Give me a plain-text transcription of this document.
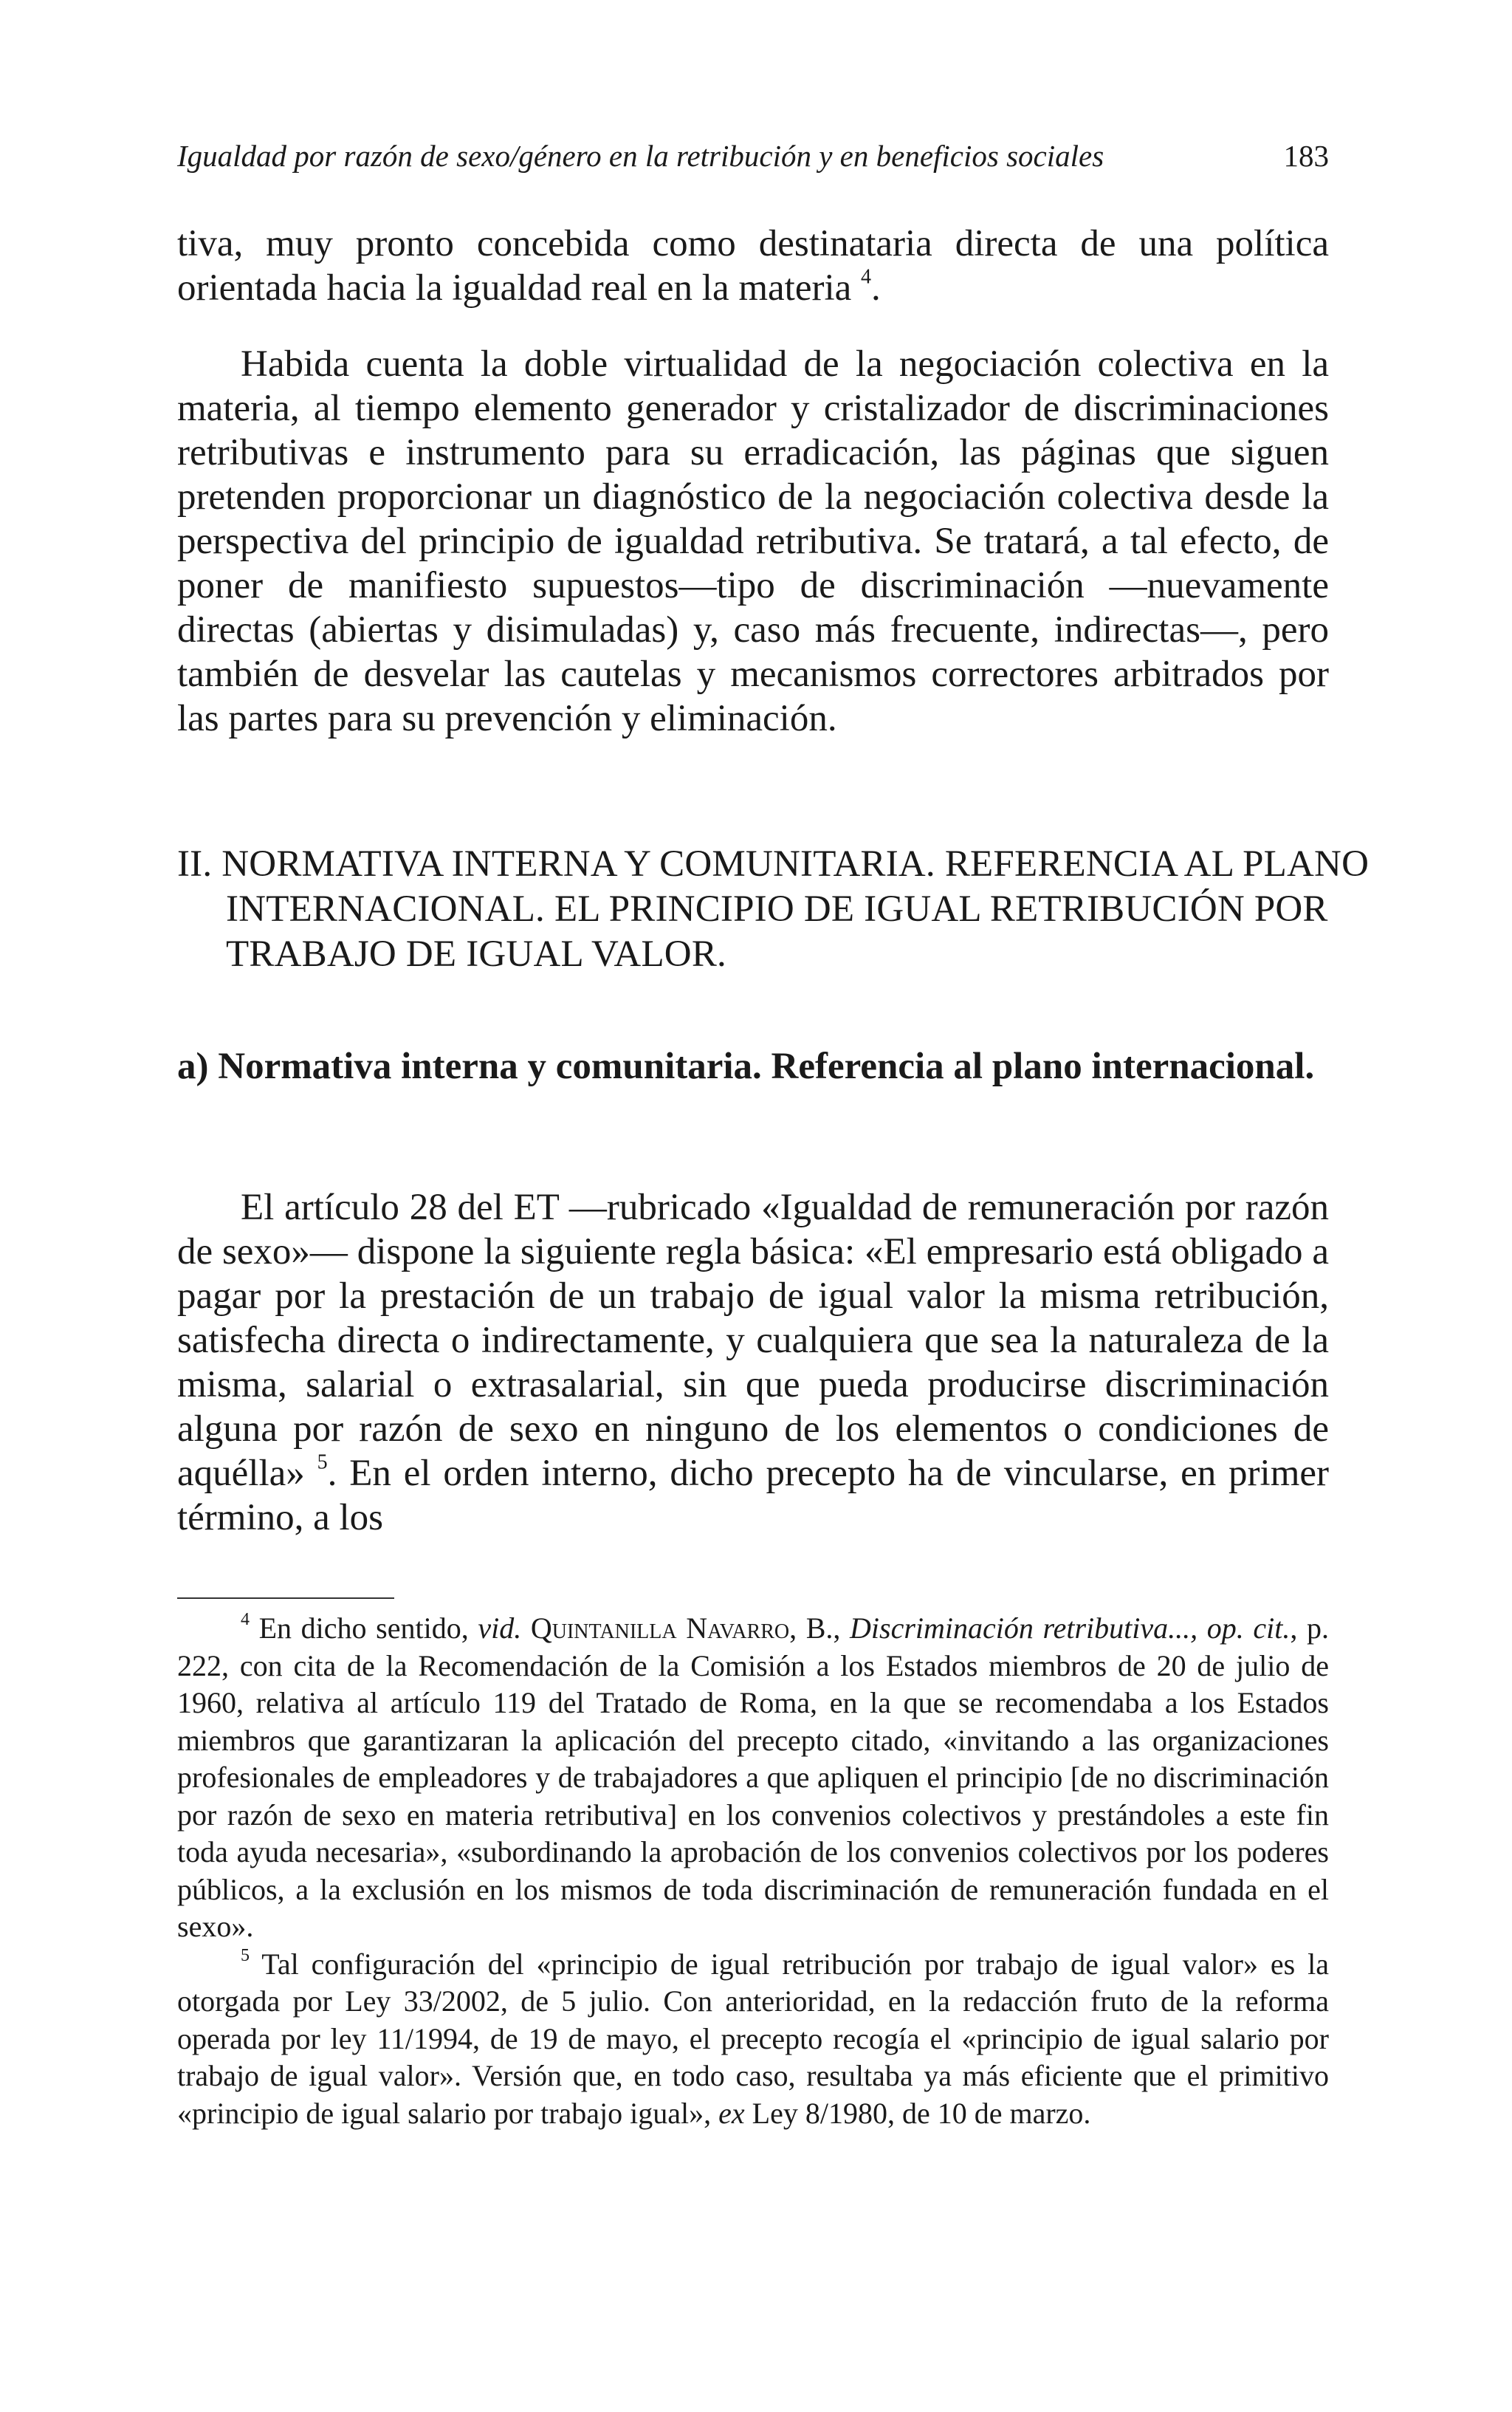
Igualdad por razón de sexo/género en la retribución y en beneficios sociales	183

tiva, muy pronto concebida como destinataria directa de una política orientada hacia la igualdad real en la materia $^4$.

Habida cuenta la doble virtualidad de la negociación colectiva en la materia, al tiempo elemento generador y cristalizador de discriminaciones retributivas e instrumento para su erradicación, las páginas que siguen pretenden proporcionar un diagnóstico de la negociación colectiva desde la perspectiva del principio de igualdad retributiva. Se tratará, a tal efecto, de poner de manifiesto supuestos—tipo de discriminación —nuevamente directas (abiertas y disimuladas) y, caso más frecuente, indirectas—, pero también de desvelar las cautelas y mecanismos correctores arbitrados por las partes para su prevención y eliminación.

II. NORMATIVA INTERNA Y COMUNITARIA. REFERENCIA AL PLANO INTERNACIONAL. EL PRINCIPIO DE IGUAL RETRIBUCIÓN POR TRABAJO DE IGUAL VALOR.
a) Normativa interna y comunitaria. Referencia al plano internacional.

El artículo 28 del ET —rubricado «Igualdad de remuneración por razón de sexo»— dispone la siguiente regla básica: «El empresario está obligado a pagar por la prestación de un trabajo de igual valor la misma retribución, satisfecha directa o indirectamente, y cualquiera que sea la naturaleza de la misma, salarial o extrasalarial, sin que pueda producirse discriminación alguna por razón de sexo en ninguno de los elementos o condiciones de aquélla» $^5$. En el orden interno, dicho precepto ha de vincularse, en primer término, a los

$^4$ En dicho sentido, vid. Quintanilla Navarro, B., Discriminación retributiva..., op. cit., p. 222, con cita de la Recomendación de la Comisión a los Estados miembros de 20 de julio de 1960, relativa al artículo 119 del Tratado de Roma, en la que se recomendaba a los Estados miembros que garantizaran la aplicación del precepto citado, «invitando a las organizaciones profesionales de empleadores y de trabajadores a que apliquen el principio [de no discriminación por razón de sexo en materia retributiva] en los convenios colectivos y prestándoles a este fin toda ayuda necesaria», «subordinando la aprobación de los convenios colectivos por los poderes públicos, a la exclusión en los mismos de toda discriminación de remuneración fundada en el sexo».

$^5$ Tal configuración del «principio de igual retribución por trabajo de igual valor» es la otorgada por Ley 33/2002, de 5 julio. Con anterioridad, en la redacción fruto de la reforma operada por ley 11/1994, de 19 de mayo, el precepto recogía el «principio de igual salario por trabajo de igual valor». Versión que, en todo caso, resultaba ya más eficiente que el primitivo «principio de igual salario por trabajo igual», ex Ley 8/1980, de 10 de marzo.
